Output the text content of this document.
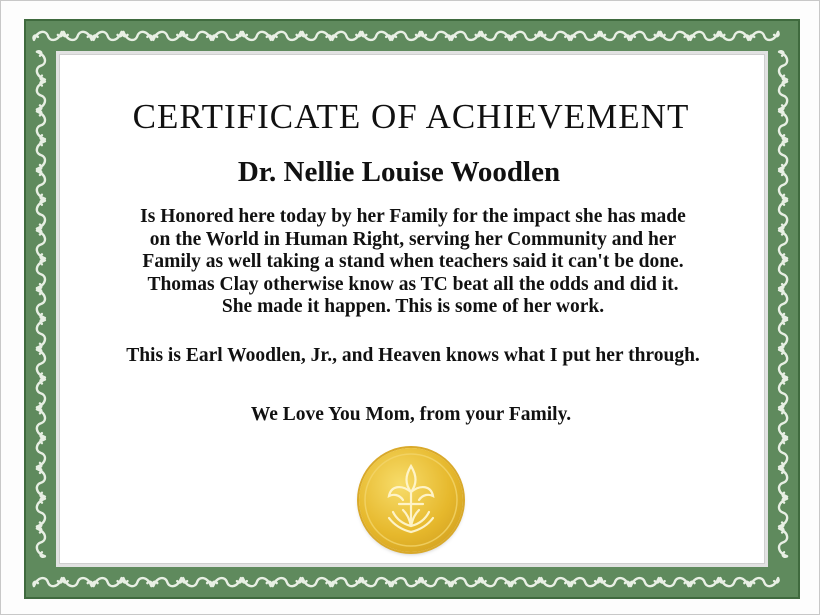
CERTIFICATE OF ACHIEVEMENT
Dr. Nellie Louise Woodlen
Is Honored here today by her Family for the impact she has made
on the World in Human Right, serving her Community and her
Family as well taking a stand when teachers said it can't be done.
Thomas Clay otherwise know as TC beat all the odds and did it.
She made it happen. This is some of her work.
This is Earl Woodlen, Jr., and Heaven knows what I put her through.
We Love You Mom, from your Family.
